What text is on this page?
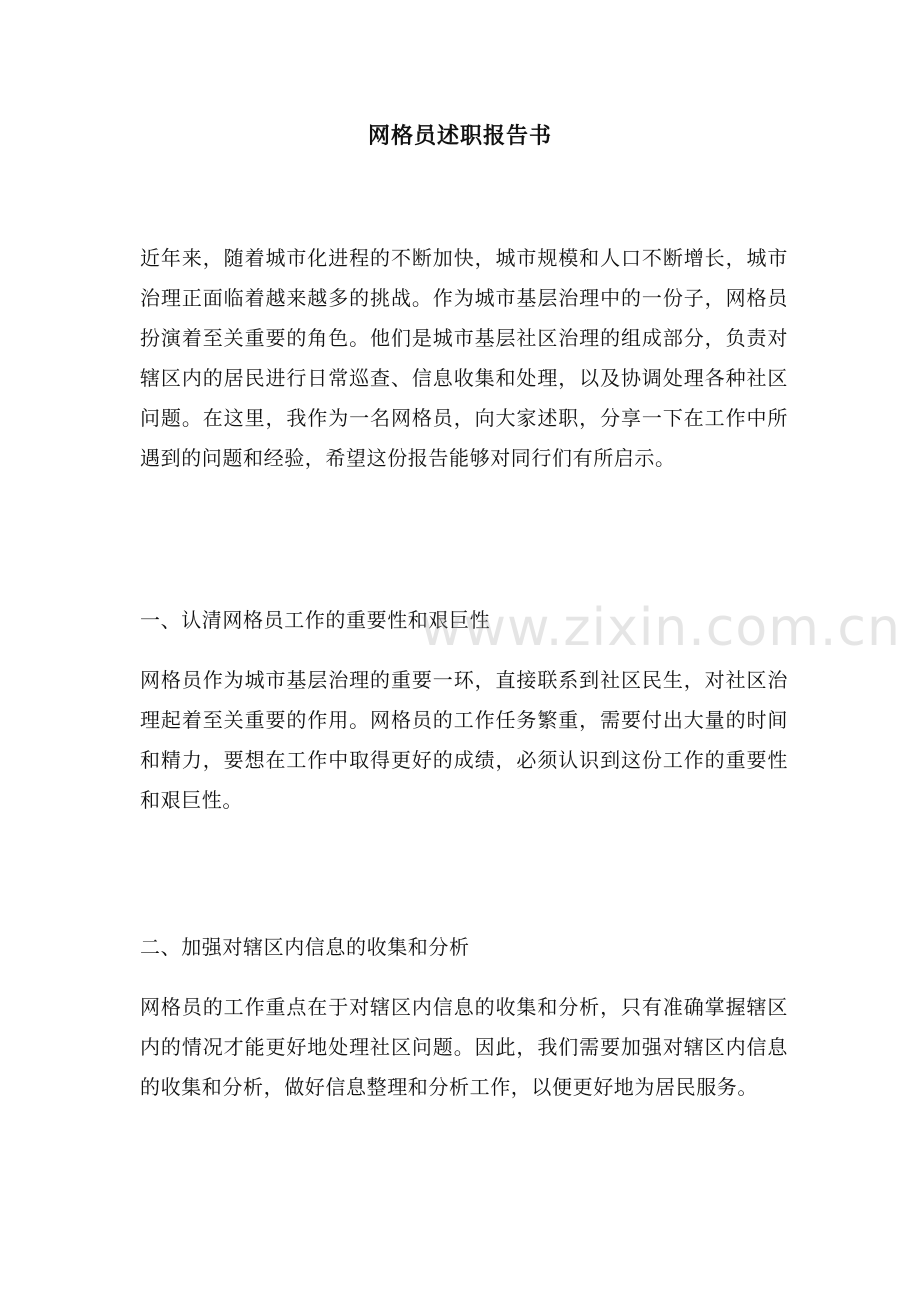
网格员述职报告书
近年来，随着城市化进程的不断加快，城市规模和人口不断增长，城市治理正面临着越来越多的挑战。作为城市基层治理中的一份子，网格员扮演着至关重要的角色。他们是城市基层社区治理的组成部分，负责对辖区内的居民进行日常巡查、信息收集和处理，以及协调处理各种社区问题。在这里，我作为一名网格员，向大家述职，分享一下在工作中所遇到的问题和经验，希望这份报告能够对同行们有所启示。
一、认清网格员工作的重要性和艰巨性
网格员作为城市基层治理的重要一环，直接联系到社区民生，对社区治理起着至关重要的作用。网格员的工作任务繁重，需要付出大量的时间和精力，要想在工作中取得更好的成绩，必须认识到这份工作的重要性和艰巨性。
二、加强对辖区内信息的收集和分析
网格员的工作重点在于对辖区内信息的收集和分析，只有准确掌握辖区内的情况才能更好地处理社区问题。因此，我们需要加强对辖区内信息的收集和分析，做好信息整理和分析工作，以便更好地为居民服务。
www.zixin.com.cn
